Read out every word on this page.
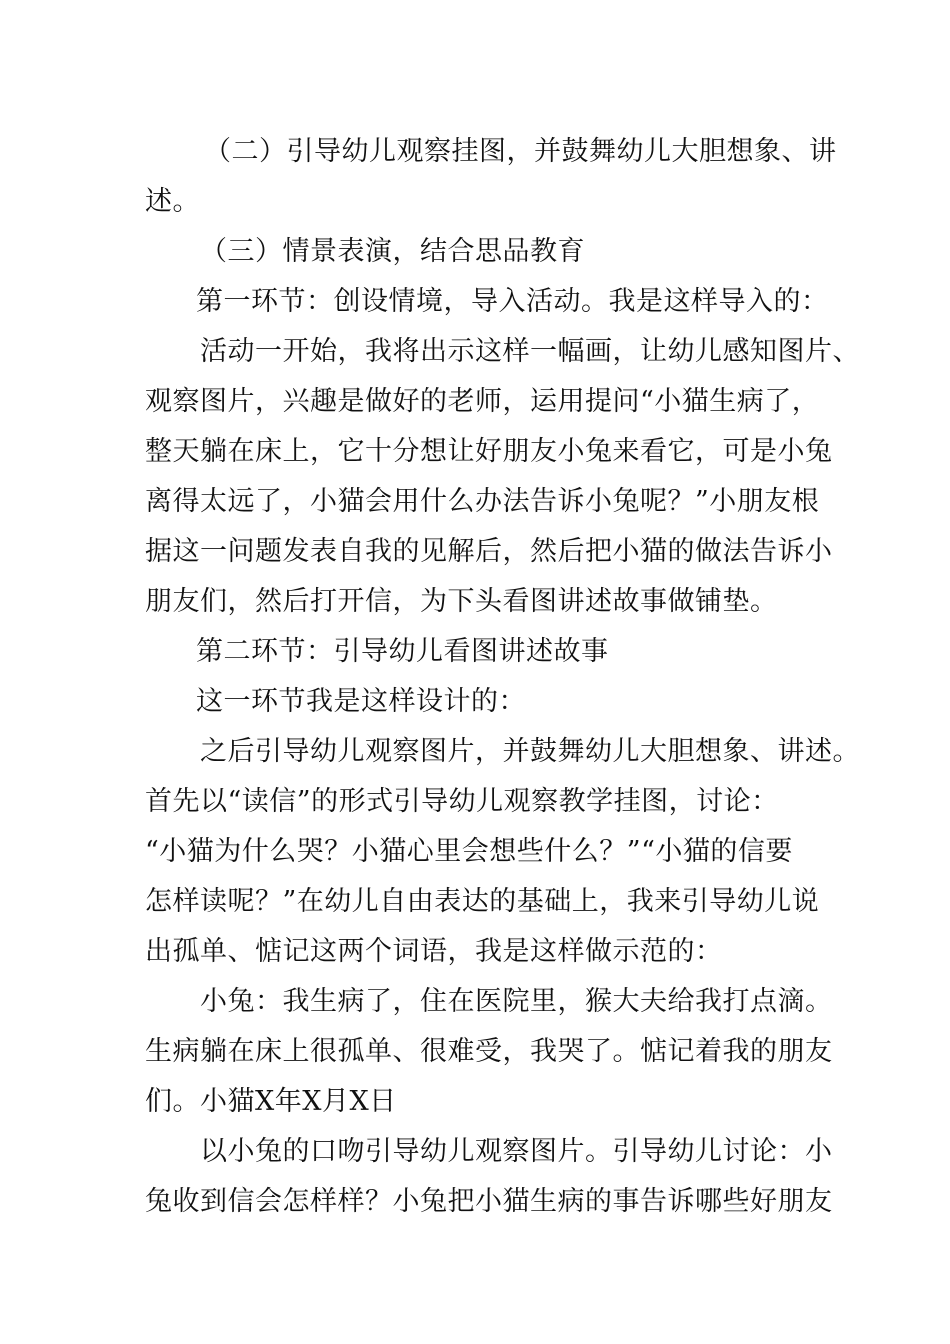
（二）引导幼儿观察挂图，并鼓舞幼儿大胆想象、讲
述。
（三）情景表演，结合思品教育
第一环节：创设情境，导入活动。我是这样导入的：
活动一开始，我将出示这样一幅画，让幼儿感知图片、
观察图片，兴趣是做好的老师，运用提问“小猫生病了，
整天躺在床上，它十分想让好朋友小兔来看它，可是小兔
离得太远了，小猫会用什么办法告诉小兔呢？”小朋友根
据这一问题发表自我的见解后，然后把小猫的做法告诉小
朋友们，然后打开信，为下头看图讲述故事做铺垫。
第二环节：引导幼儿看图讲述故事
这一环节我是这样设计的：
之后引导幼儿观察图片，并鼓舞幼儿大胆想象、讲述。
首先以“读信”的形式引导幼儿观察教学挂图，讨论：
“小猫为什么哭？小猫心里会想些什么？”“小猫的信要
怎样读呢？”在幼儿自由表达的基础上，我来引导幼儿说
出孤单、惦记这两个词语，我是这样做示范的：
小兔：我生病了，住在医院里，猴大夫给我打点滴。
生病躺在床上很孤单、很难受，我哭了。惦记着我的朋友
们。小猫X年X月X日
以小兔的口吻引导幼儿观察图片。引导幼儿讨论：小
兔收到信会怎样样？小兔把小猫生病的事告诉哪些好朋友
